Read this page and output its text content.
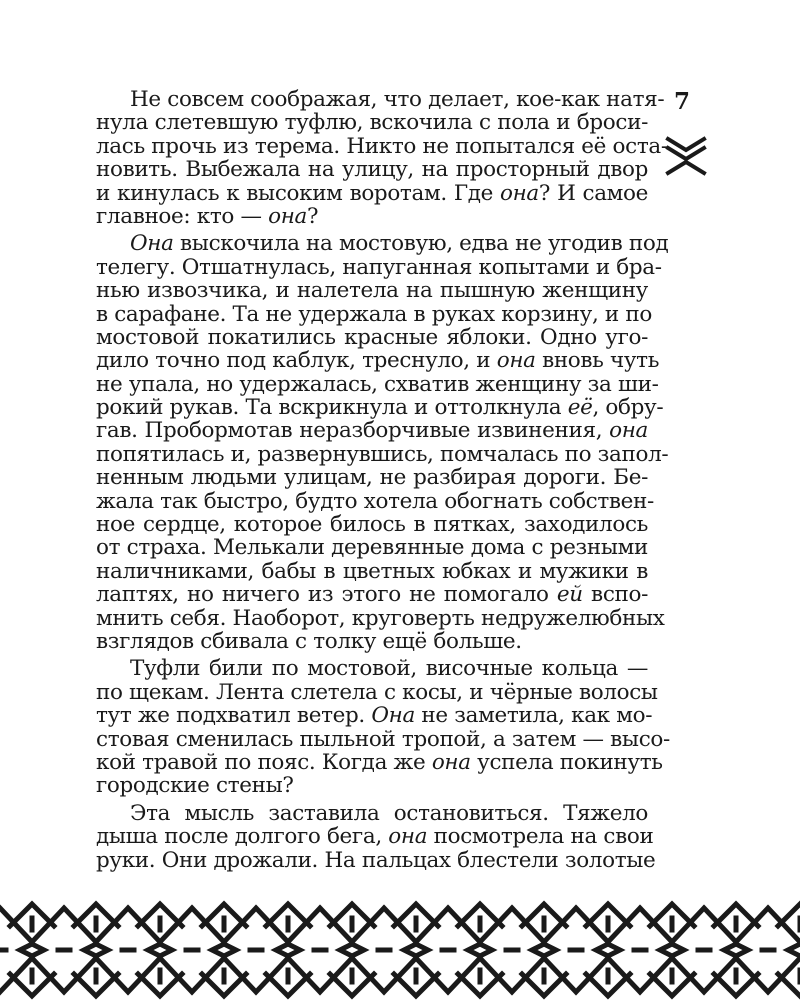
7
Не совсем соображая, что делает, кое-как натя-
нула слетевшую туфлю, вскочила с пола и броси-
лась прочь из терема. Никто не попытался её оста-
новить. Выбежала на улицу, на просторный двор
и кинулась к высоким воротам. Где она? И самое
главное: кто — она?
Она выскочила на мостовую, едва не угодив под
телегу. Отшатнулась, напуганная копытами и бра-
нью извозчика, и налетела на пышную женщину
в сарафане. Та не удержала в руках корзину, и по
мостовой покатились красные яблоки. Одно уго-
дило точно под каблук, треснуло, и она вновь чуть
не упала, но удержалась, схватив женщину за ши-
рокий рукав. Та вскрикнула и оттолкнула её, обру-
гав. Пробормотав неразборчивые извинения, она
попятилась и, развернувшись, помчалась по запол-
ненным людьми улицам, не разбирая дороги. Бе-
жала так быстро, будто хотела обогнать собствен-
ное сердце, которое билось в пятках, заходилось
от страха. Мелькали деревянные дома с резными
наличниками, бабы в цветных юбках и мужики в
лаптях, но ничего из этого не помогало ей вспо-
мнить себя. Наоборот, круговерть недружелюбных
взглядов сбивала с толку ещё больше.
Туфли били по мостовой, височные кольца —
по щекам. Лента слетела с косы, и чёрные волосы
тут же подхватил ветер. Она не заметила, как мо-
стовая сменилась пыльной тропой, а затем — высо-
кой травой по пояс. Когда же она успела покинуть
городские стены?
Эта мысль заставила остановиться. Тяжело
дыша после долгого бега, она посмотрела на свои
руки. Они дрожали. На пальцах блестели золотые
